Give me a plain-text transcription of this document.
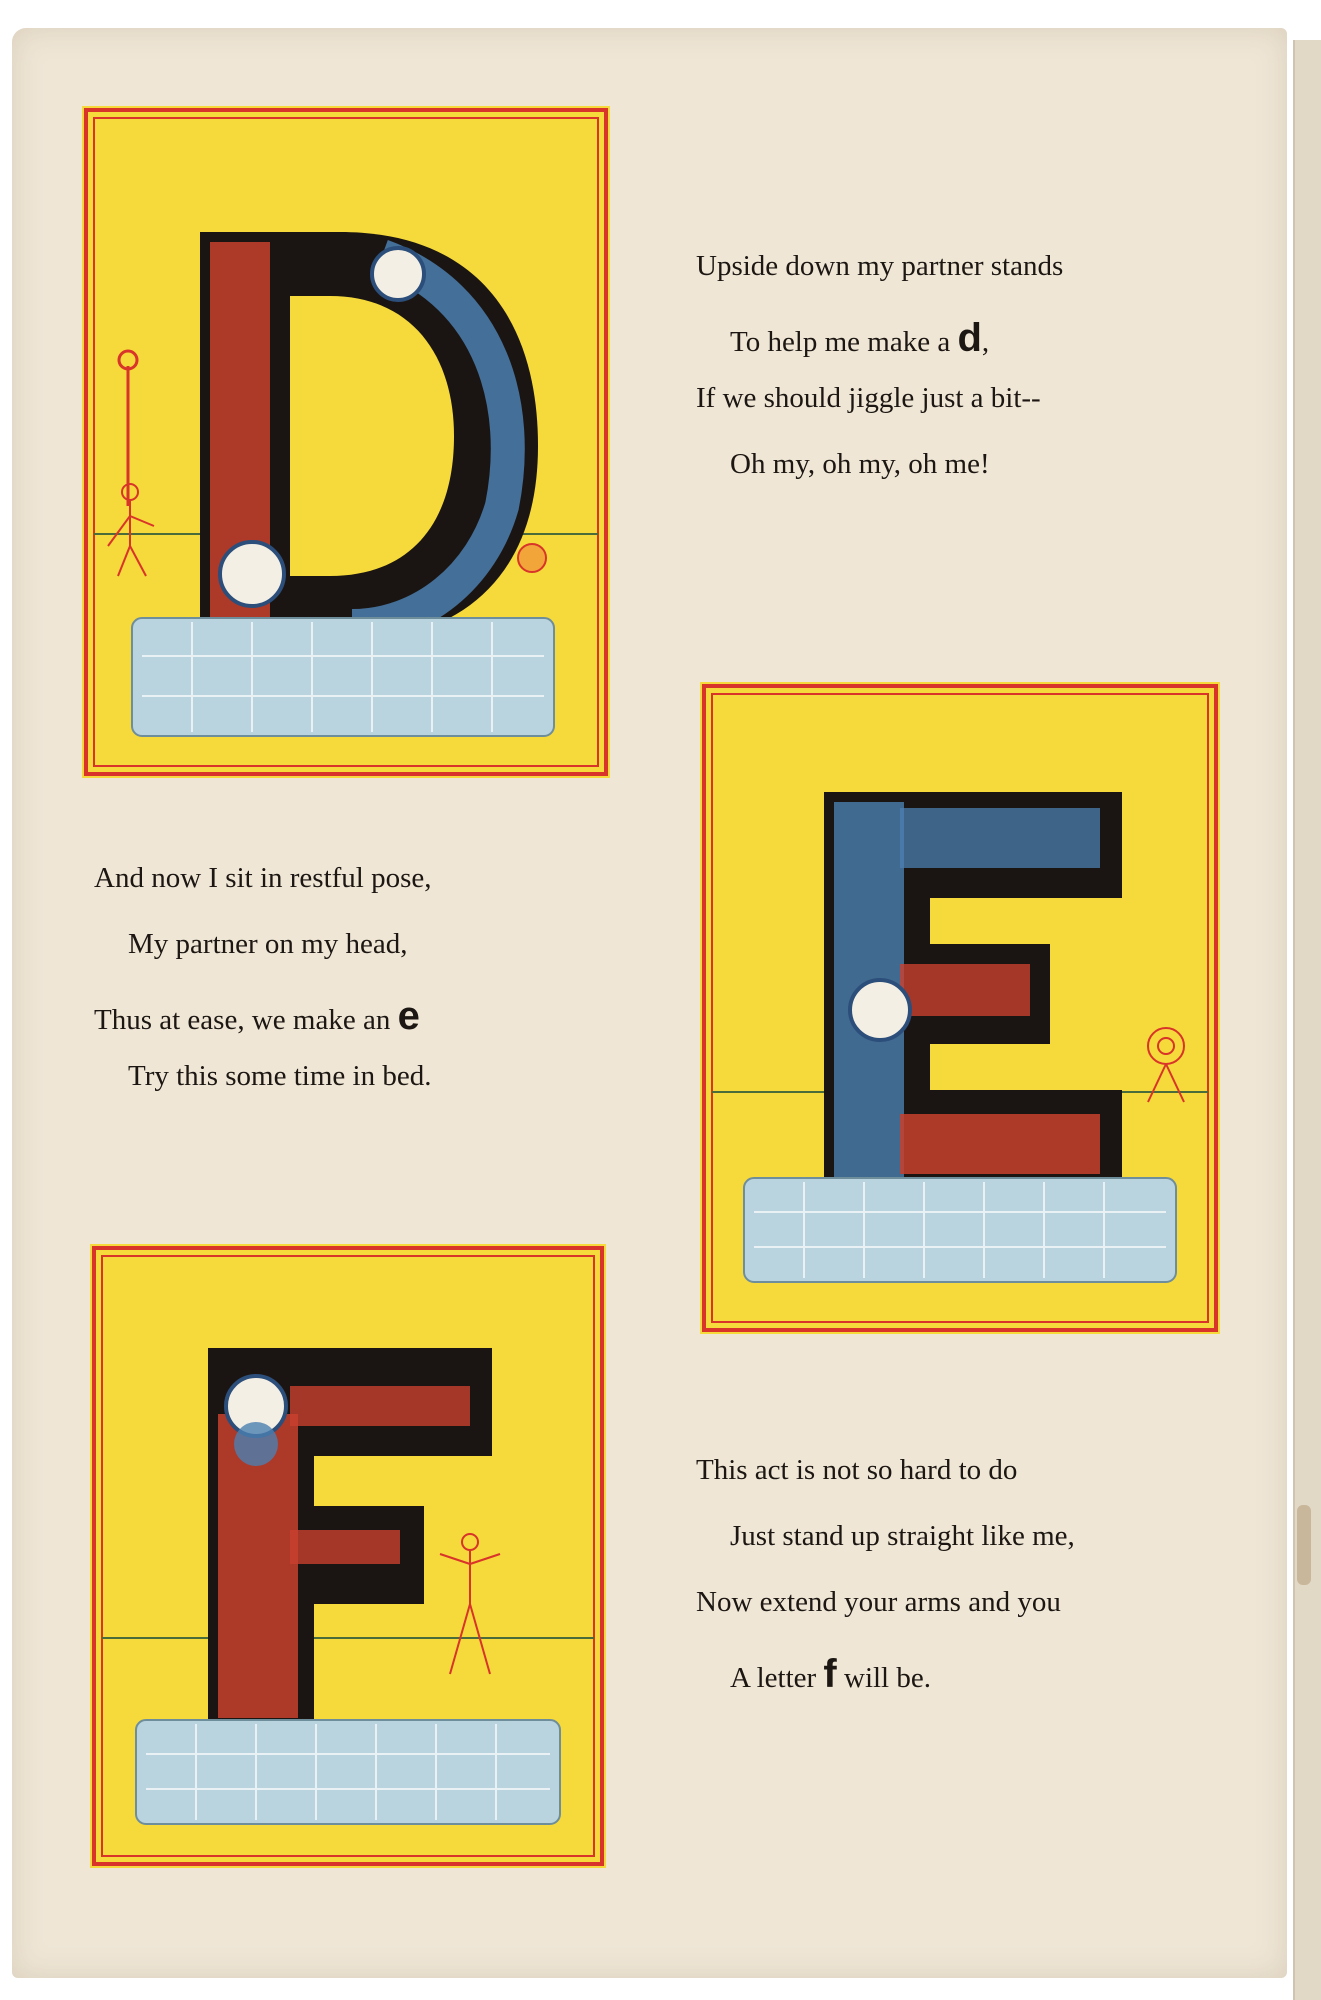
Upside down my partner stands
To help me make a d,
If we should jiggle just a bit--
Oh my, oh my, oh me!
And now I sit in restful pose,
My partner on my head,
Thus at ease, we make an e
Try this some time in bed.
This act is not so hard to do
Just stand up straight like me,
Now extend your arms and you
A letter f will be.
